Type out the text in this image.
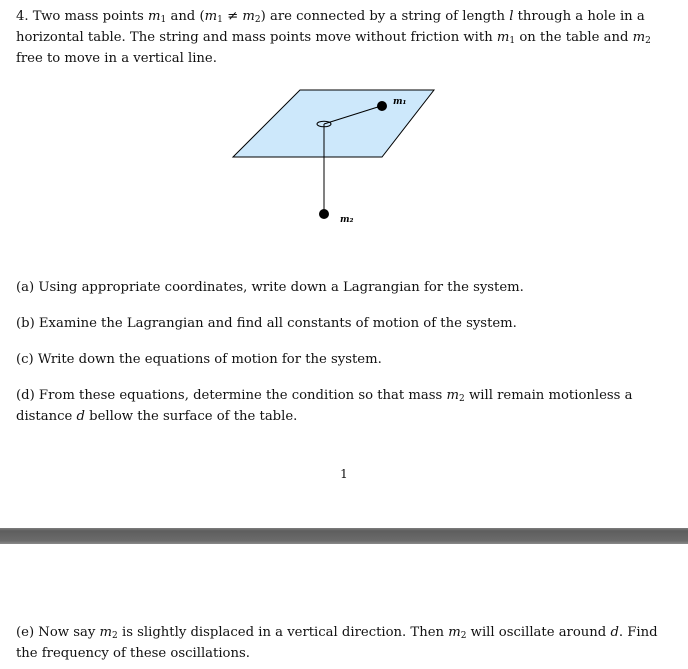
4. Two mass points $m_1$ and $(m_1 \ne m_2)$ are connected by a string of length l through a hole in a horizontal table. The string and mass points move without friction with $m_1$ on the table and $m_2$ free to move in a vertical line.

m₁
m₂

(a) Using appropriate coordinates, write down a Lagrangian for the system.

(b) Examine the Lagrangian and find all constants of motion of the system.

(c) Write down the equations of motion for the system.

(d) From these equations, determine the condition so that mass $m_2$ will remain motionless a distance d bellow the surface of the table.

1

(e) Now say $m_2$ is slightly displaced in a vertical direction. Then $m_2$ will oscillate around d. Find the frequency of these oscillations.
